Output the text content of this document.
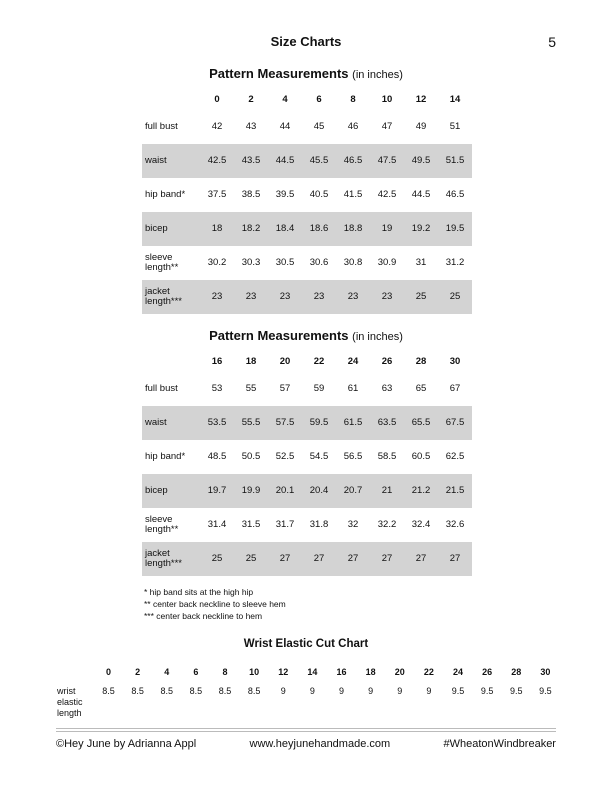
Size Charts	5
Pattern Measurements (in inches)
	0	2	4	6	8	10	12	14
full bust	42	43	44	45	46	47	49	51
waist	42.5	43.5	44.5	45.5	46.5	47.5	49.5	51.5
hip band*	37.5	38.5	39.5	40.5	41.5	42.5	44.5	46.5
bicep	18	18.2	18.4	18.6	18.8	19	19.2	19.5
sleeve length**	30.2	30.3	30.5	30.6	30.8	30.9	31	31.2
jacket length***	23	23	23	23	23	23	25	25
Pattern Measurements (in inches)
	16	18	20	22	24	26	28	30
full bust	53	55	57	59	61	63	65	67
waist	53.5	55.5	57.5	59.5	61.5	63.5	65.5	67.5
hip band*	48.5	50.5	52.5	54.5	56.5	58.5	60.5	62.5
bicep	19.7	19.9	20.1	20.4	20.7	21	21.2	21.5
sleeve length**	31.4	31.5	31.7	31.8	32	32.2	32.4	32.6
jacket length***	25	25	27	27	27	27	27	27
* hip band sits at the high hip
** center back neckline to sleeve hem
*** center back neckline to hem
Wrist Elastic Cut Chart
	0	2	4	6	8	10	12	14	16	18	20	22	24	26	28	30
wrist elastic length	8.5	8.5	8.5	8.5	8.5	8.5	9	9	9	9	9	9	9.5	9.5	9.5	9.5
©Hey June by Adrianna Appl	www.heyjunehandmade.com	#WheatonWindbreaker
